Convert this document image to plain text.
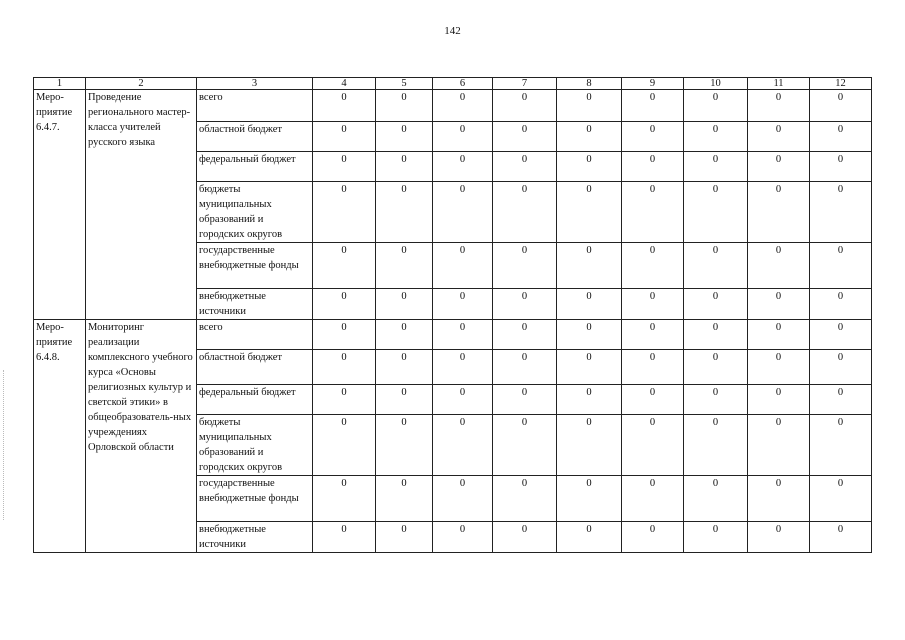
142
1	2	3	4	5	6	7	8	9	10	11	12
Меро-приятие 6.4.7.	Проведение регионального мастер-класса учителей русского языка	всего	0	0	0	0	0	0	0	0	0
		областной бюджет	0	0	0	0	0	0	0	0	0
		федеральный бюджет	0	0	0	0	0	0	0	0	0
		бюджеты муниципальных образований и городских округов	0	0	0	0	0	0	0	0	0
		государственные внебюджетные фонды	0	0	0	0	0	0	0	0	0
		внебюджетные источники	0	0	0	0	0	0	0	0	0
Меро-приятие 6.4.8.	Мониторинг реализации комплексного учебного курса «Основы религиозных культур и светской этики» в общеобразователь-ных учреждениях Орловской области	всего	0	0	0	0	0	0	0	0	0
		областной бюджет	0	0	0	0	0	0	0	0	0
		федеральный бюджет	0	0	0	0	0	0	0	0	0
		бюджеты муниципальных образований и городских округов	0	0	0	0	0	0	0	0	0
		государственные внебюджетные фонды	0	0	0	0	0	0	0	0	0
		внебюджетные источники	0	0	0	0	0	0	0	0	0
